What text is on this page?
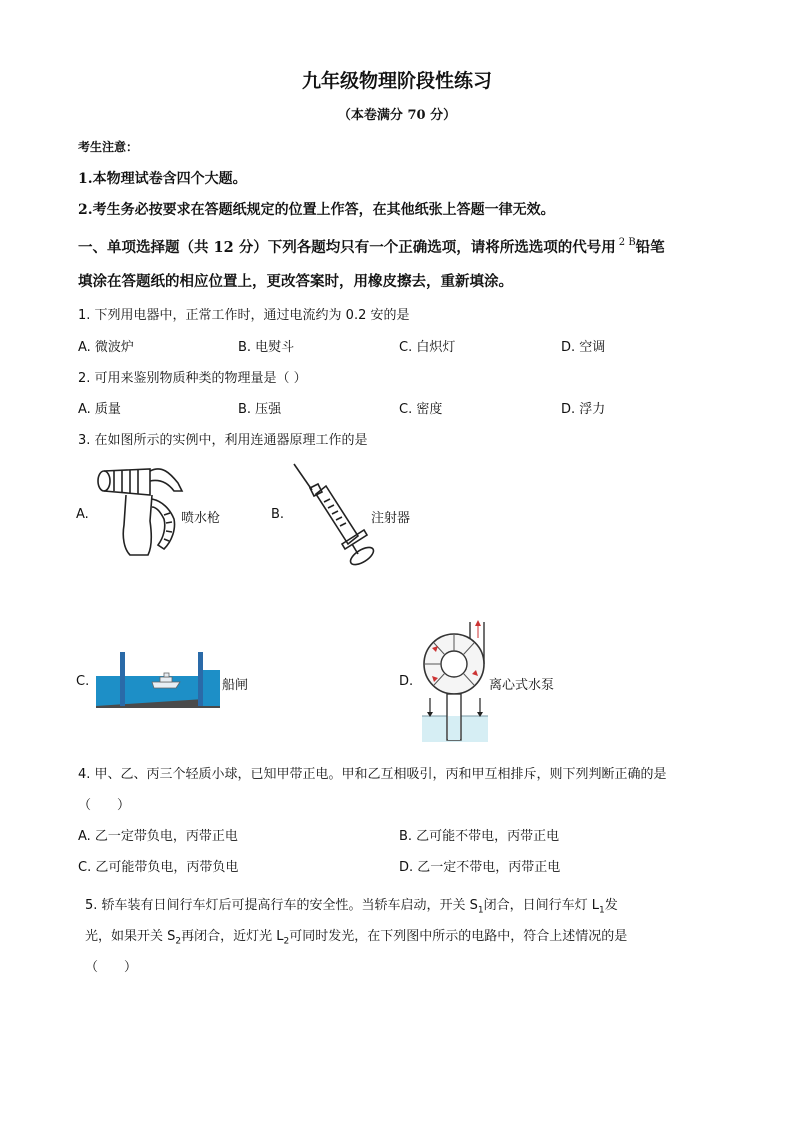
九年级物理阶段性练习
（本卷满分 70 分）
考生注意：
1.本物理试卷含四个大题。
2.考生务必按要求在答题纸规定的位置上作答，在其他纸张上答题一律无效。
一、单项选择题（共 12 分）下列各题均只有一个正确选项，请将所选选项的代号用 $^{2 B}$铅笔
填涂在答题纸的相应位置上，更改答案时，用橡皮擦去，重新填涂。
1. 下列用电器中，正常工作时，通过电流约为 0.2 安的是
A. 微波炉	B. 电熨斗	C. 白炽灯	D. 空调
2. 可用来鉴别物质种类的物理量是（ ）
A. 质量	B. 压强	C. 密度	D. 浮力
3. 在如图所示的实例中，利用连通器原理工作的是
A.	喷水枪	B.	注射器
C.	船闸	D.	离心式水泵
4. 甲、乙、丙三个轻质小球，已知甲带正电。甲和乙互相吸引，丙和甲互相排斥，则下列判断正确的是
（　　）
A. 乙一定带负电，丙带正电	B. 乙可能不带电，丙带正电
C. 乙可能带负电，丙带负电	D. 乙一定不带电，丙带正电
5. 轿车装有日间行车灯后可提高行车的安全性。当轿车启动，开关 $S_1$闭合，日间行车灯 $L_1$发
光，如果开关 $S_2$再闭合，近灯光 $L_2$可同时发光，在下列图中所示的电路中，符合上述情况的是
（　　）
